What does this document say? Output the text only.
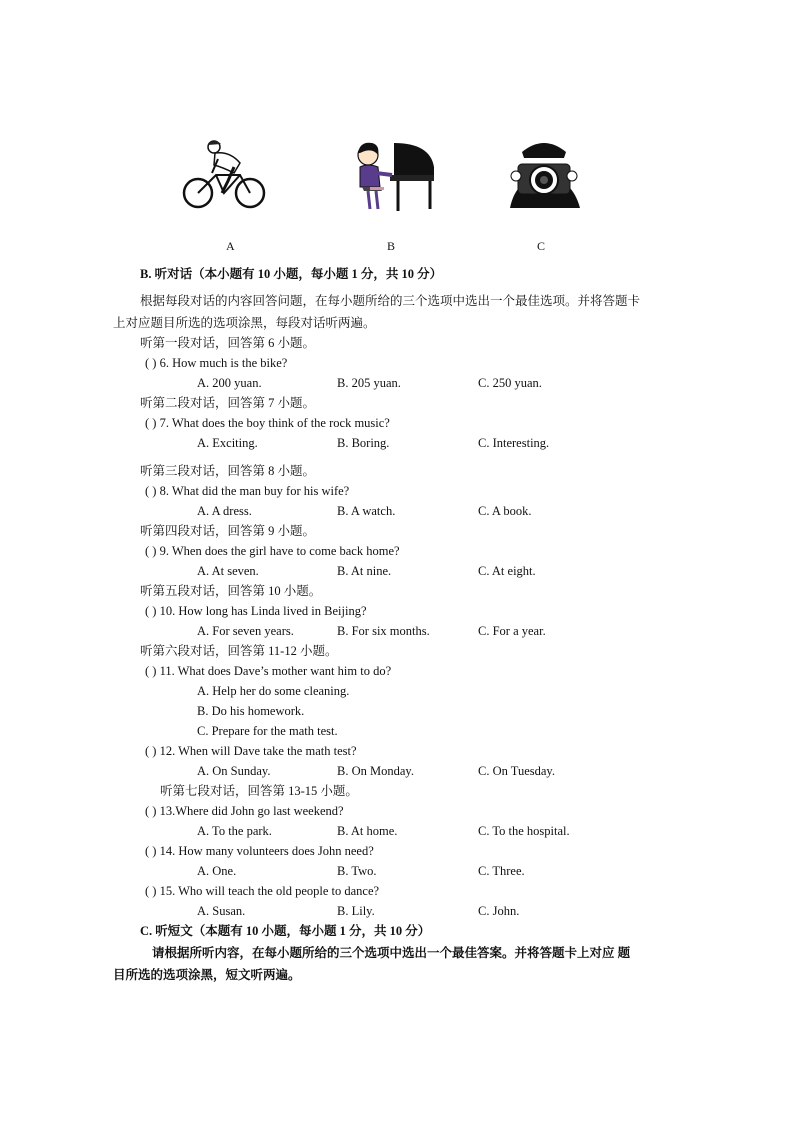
A	B	C
B. 听对话（本小题有 10 小题，每小题 1 分，共 10 分）
根据每段对话的内容回答问题，在每小题所给的三个选项中选出一个最佳选项。并将答题卡
上对应题目所选的选项涂黑，每段对话听两遍。
听第一段对话，回答第 6 小题。
( ) 6. How much is the bike?
A. 200 yuan.	B. 205 yuan.	C. 250 yuan.
听第二段对话，回答第 7 小题。
( ) 7. What does the boy think of the rock music?
A. Exciting.	B. Boring.	C. Interesting.
听第三段对话，回答第 8 小题。
( ) 8. What did the man buy for his wife?
A. A dress.	B. A watch.	C. A book.
听第四段对话，回答第 9 小题。
( ) 9. When does the girl have to come back home?
A. At seven.	B. At nine.	C. At eight.
听第五段对话，回答第 10 小题。
( ) 10. How long has Linda lived in Beijing?
A. For seven years.	B. For six months.	C. For a year.
听第六段对话，回答第 11-12 小题。
( ) 11. What does Dave’s mother want him to do?
A. Help her do some cleaning.
B. Do his homework.
C. Prepare for the math test.
( ) 12. When will Dave take the math test?
A. On Sunday.	B. On Monday.	C. On Tuesday.
听第七段对话，回答第 13-15 小题。
( ) 13.Where did John go last weekend?
A. To the park.	B. At home.	C. To the hospital.
( ) 14. How many volunteers does John need?
A. One.	B. Two.	C. Three.
( ) 15. Who will teach the old people to dance?
A. Susan.	B. Lily.	C. John.
C. 听短文（本题有 10 小题，每小题 1 分，共 10 分）
请根据所听内容，在每小题所给的三个选项中选出一个最佳答案。并将答题卡上对应 题
目所选的选项涂黑，短文听两遍。
